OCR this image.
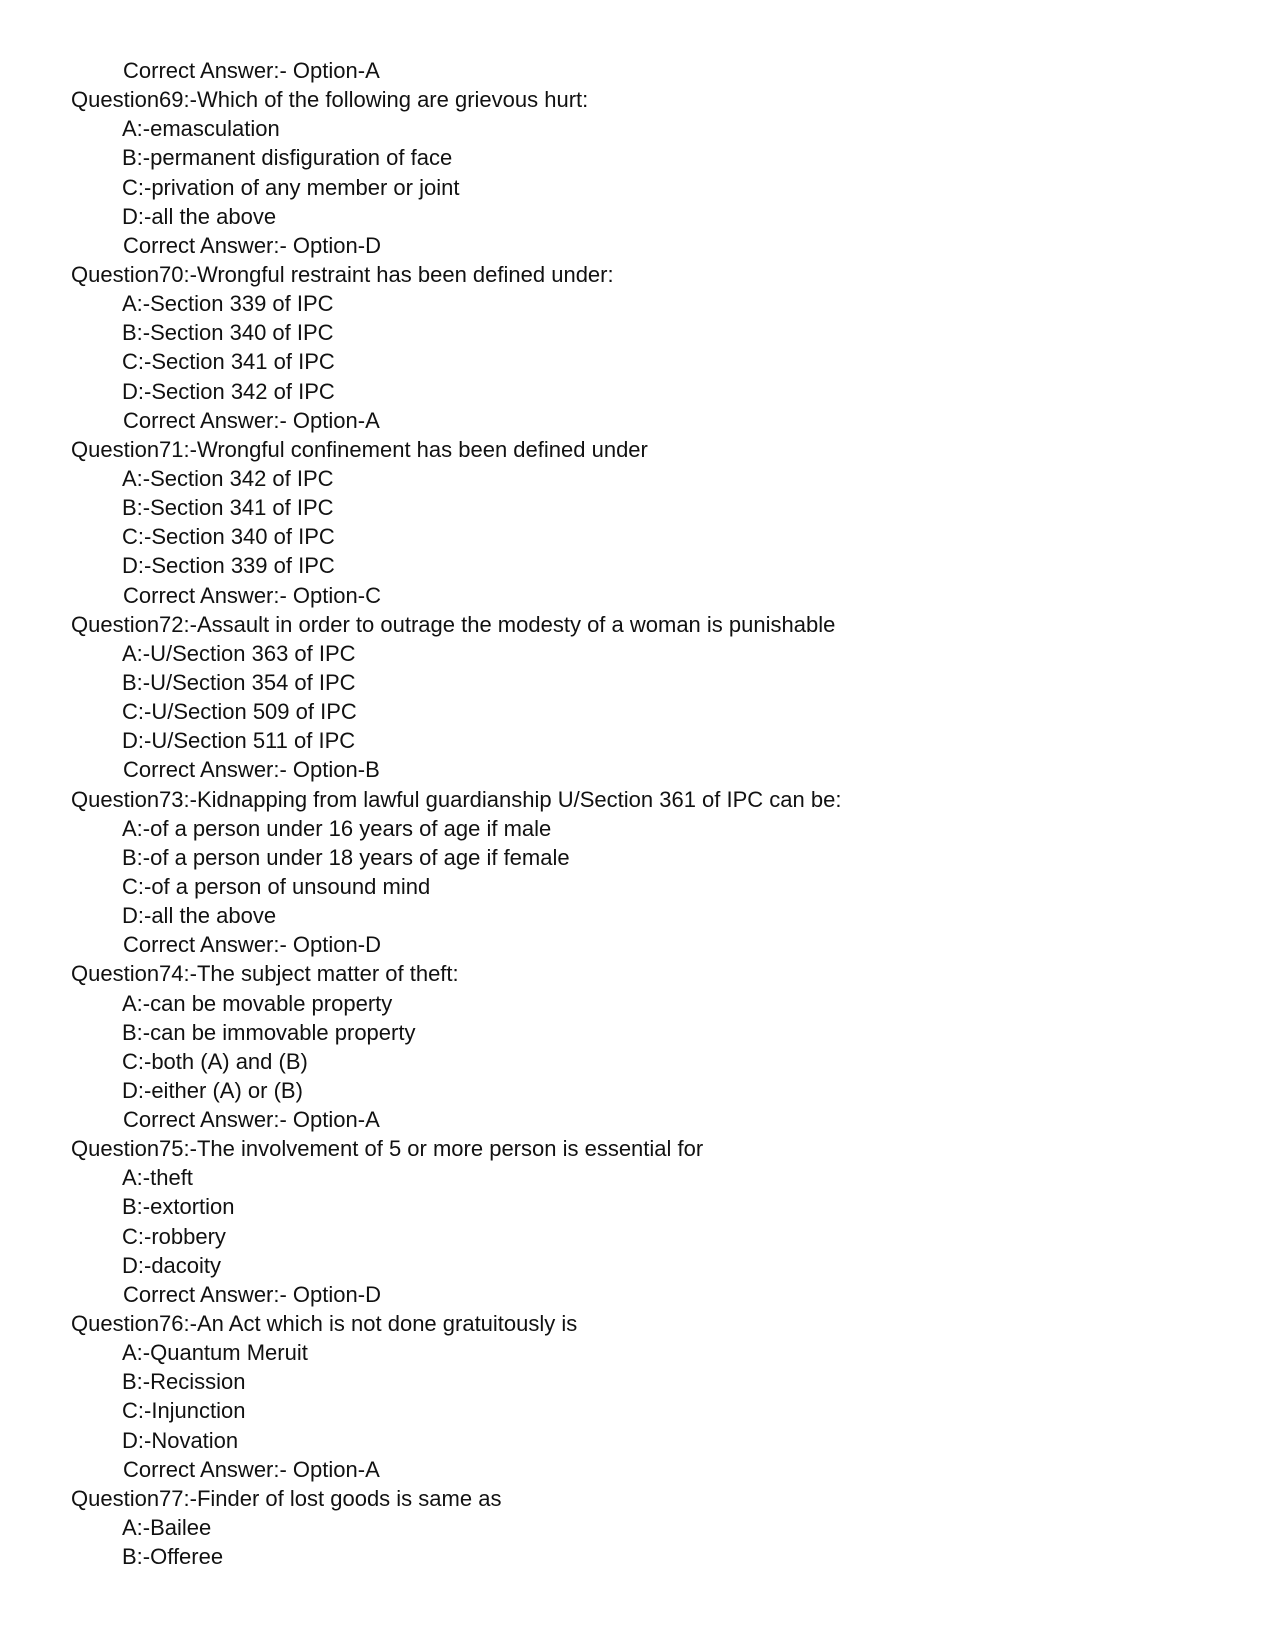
Correct Answer:- Option-A
Question69:-Which of the following are grievous hurt:
A:-emasculation
B:-permanent disfiguration of face
C:-privation of any member or joint
D:-all the above
Correct Answer:- Option-D
Question70:-Wrongful restraint has been defined under:
A:-Section 339 of IPC
B:-Section 340 of IPC
C:-Section 341 of IPC
D:-Section 342 of IPC
Correct Answer:- Option-A
Question71:-Wrongful confinement has been defined under
A:-Section 342 of IPC
B:-Section 341 of IPC
C:-Section 340 of IPC
D:-Section 339 of IPC
Correct Answer:- Option-C
Question72:-Assault in order to outrage the modesty of a woman is punishable
A:-U/Section 363 of IPC
B:-U/Section 354 of IPC
C:-U/Section 509 of IPC
D:-U/Section 511 of IPC
Correct Answer:- Option-B
Question73:-Kidnapping from lawful guardianship U/Section 361 of IPC can be:
A:-of a person under 16 years of age if male
B:-of a person under 18 years of age if female
C:-of a person of unsound mind
D:-all the above
Correct Answer:- Option-D
Question74:-The subject matter of theft:
A:-can be movable property
B:-can be immovable property
C:-both (A) and (B)
D:-either (A) or (B)
Correct Answer:- Option-A
Question75:-The involvement of 5 or more person is essential for
A:-theft
B:-extortion
C:-robbery
D:-dacoity
Correct Answer:- Option-D
Question76:-An Act which is not done gratuitously is
A:-Quantum Meruit
B:-Recission
C:-Injunction
D:-Novation
Correct Answer:- Option-A
Question77:-Finder of lost goods is same as
A:-Bailee
B:-Offeree
